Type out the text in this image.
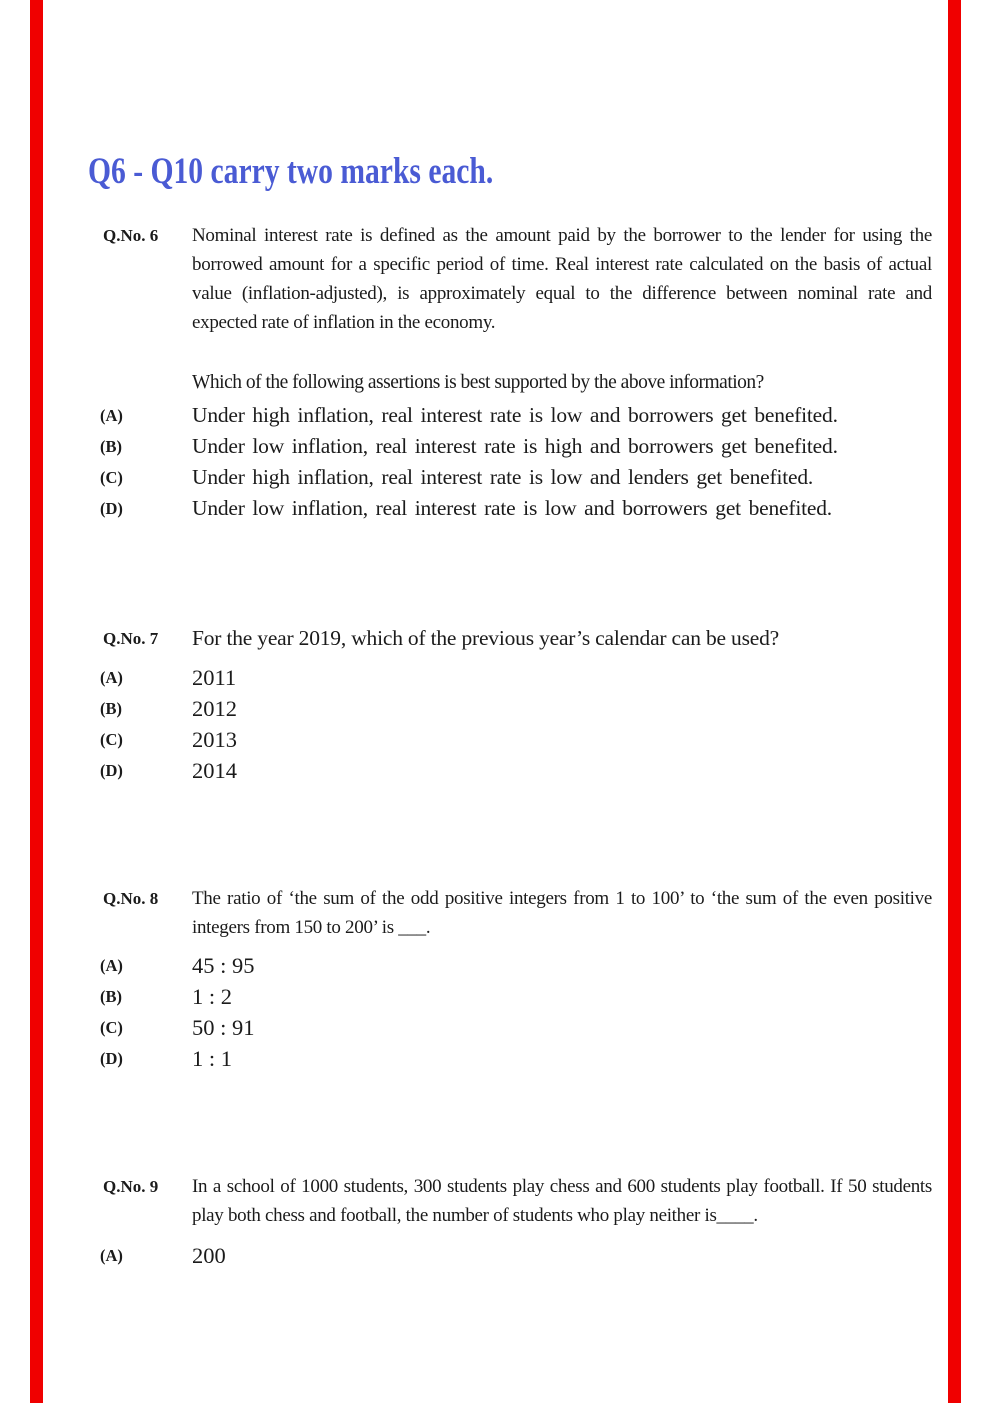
Q6 - Q10 carry two marks each.
Q.No. 6	Nominal interest rate is defined as the amount paid by the borrower to the lender for using the borrowed amount for a specific period of time. Real interest rate calculated on the basis of actual value (inflation-adjusted), is approximately equal to the difference between nominal rate and expected rate of inflation in the economy.
Which of the following assertions is best supported by the above information?
(A)	Under high inflation, real interest rate is low and borrowers get benefited.
(B)	Under low inflation, real interest rate is high and borrowers get benefited.
(C)	Under high inflation, real interest rate is low and lenders get benefited.
(D)	Under low inflation, real interest rate is low and borrowers get benefited.
Q.No. 7	For the year 2019, which of the previous year’s calendar can be used?
(A)	2011
(B)	2012
(C)	2013
(D)	2014
Q.No. 8	The ratio of ‘the sum of the odd positive integers from 1 to 100’ to ‘the sum of the even positive integers from 150 to 200’ is ___.
(A)	45 : 95
(B)	1 : 2
(C)	50 : 91
(D)	1 : 1
Q.No. 9	In a school of 1000 students, 300 students play chess and 600 students play football. If 50 students play both chess and football, the number of students who play neither is____.
(A)	200
